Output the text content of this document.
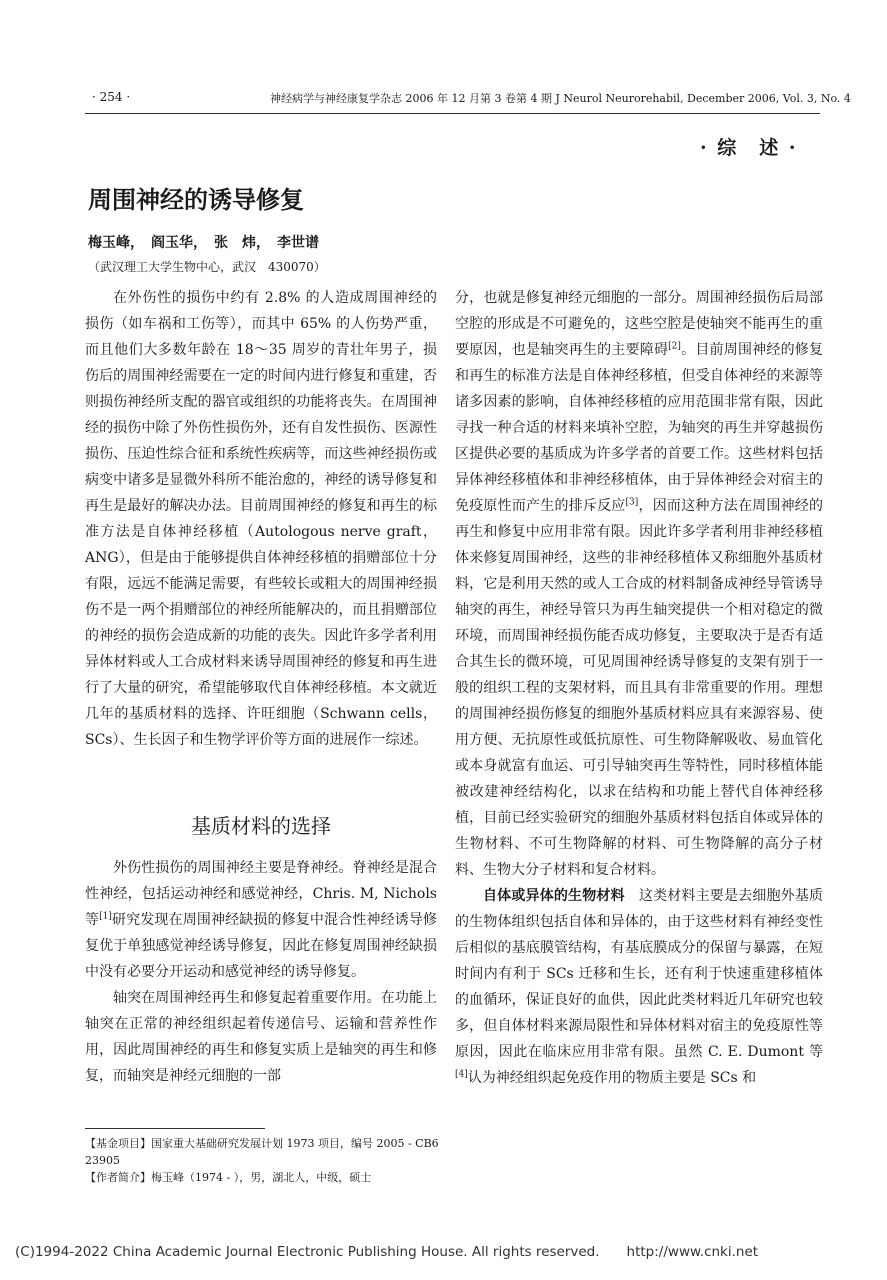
· 254 ·	神经病学与神经康复学杂志 2006 年 12 月第 3 卷第 4 期 J Neurol Neurorehabil, December 2006, Vol. 3, No. 4
· 综　述 ·
周围神经的诱导修复
梅玉峰，　阎玉华，　张　炜，　李世谱
（武汉理工大学生物中心，武汉　430070）

在外伤性的损伤中约有 2.8% 的人造成周围神经的损伤（如车祸和工伤等），而其中 65% 的人伤势严重，而且他们大多数年龄在 18～35 周岁的青壮年男子，损伤后的周围神经需要在一定的时间内进行修复和重建，否则损伤神经所支配的器官或组织的功能将丧失。在周围神经的损伤中除了外伤性损伤外，还有自发性损伤、医源性损伤、压迫性综合征和系统性疾病等，而这些神经损伤或病变中诸多是显微外科所不能治愈的，神经的诱导修复和再生是最好的解决办法。目前周围神经的修复和再生的标准方法是自体神经移植（Autologous nerve graft，ANG），但是由于能够提供自体神经移植的捐赠部位十分有限，远远不能满足需要，有些较长或粗大的周围神经损伤不是一两个捐赠部位的神经所能解决的，而且捐赠部位的神经的损伤会造成新的功能的丧失。因此许多学者利用异体材料或人工合成材料来诱导周围神经的修复和再生进行了大量的研究，希望能够取代自体神经移植。本文就近几年的基质材料的选择、许旺细胞（Schwann cells，SCs）、生长因子和生物学评价等方面的进展作一综述。

基质材料的选择

外伤性损伤的周围神经主要是脊神经。脊神经是混合性神经，包括运动神经和感觉神经，Chris. M, Nichols 等[1]研究发现在周围神经缺损的修复中混合性神经诱导修复优于单独感觉神经诱导修复，因此在修复周围神经缺损中没有必要分开运动和感觉神经的诱导修复。

轴突在周围神经再生和修复起着重要作用。在功能上轴突在正常的神经组织起着传递信号、运输和营养性作用，因此周围神经的再生和修复实质上是轴突的再生和修复，而轴突是神经元细胞的一部

【基金项目】国家重大基础研究发展计划 1973 项目，编号 2005 - CB6 23905
【作者简介】梅玉峰（1974 - ），男，湖北人，中级，硕士

分，也就是修复神经元细胞的一部分。周围神经损伤后局部空腔的形成是不可避免的，这些空腔是使轴突不能再生的重要原因，也是轴突再生的主要障碍[2]。目前周围神经的修复和再生的标准方法是自体神经移植，但受自体神经的来源等诸多因素的影响，自体神经移植的应用范围非常有限，因此寻找一种合适的材料来填补空腔，为轴突的再生并穿越损伤区提供必要的基质成为许多学者的首要工作。这些材料包括异体神经移植体和非神经移植体，由于异体神经会对宿主的免疫原性而产生的排斥反应[3]，因而这种方法在周围神经的再生和修复中应用非常有限。因此许多学者利用非神经移植体来修复周围神经，这些的非神经移植体又称细胞外基质材料，它是利用天然的或人工合成的材料制备成神经导管诱导轴突的再生，神经导管只为再生轴突提供一个相对稳定的微环境，而周围神经损伤能否成功修复，主要取决于是否有适合其生长的微环境，可见周围神经诱导修复的支架有别于一般的组织工程的支架材料，而且具有非常重要的作用。理想的周围神经损伤修复的细胞外基质材料应具有来源容易、使用方便、无抗原性或低抗原性、可生物降解吸收、易血管化或本身就富有血运、可引导轴突再生等特性，同时移植体能被改建神经结构化，以求在结构和功能上替代自体神经移植，目前已经实验研究的细胞外基质材料包括自体或异体的生物材料、不可生物降解的材料、可生物降解的高分子材料、生物大分子材料和复合材料。

自体或异体的生物材料　这类材料主要是去细胞外基质的生物体组织包括自体和异体的，由于这些材料有神经变性后相似的基底膜管结构，有基底膜成分的保留与暴露，在短时间内有利于 SCs 迁移和生长，还有利于快速重建移植体的血循环，保证良好的血供，因此此类材料近几年研究也较多，但自体材料来源局限性和异体材料对宿主的免疫原性等原因，因此在临床应用非常有限。虽然 C. E. Dumont 等[4]认为神经组织起免疫作用的物质主要是 SCs 和

(C)1994-2022 China Academic Journal Electronic Publishing House. All rights reserved.　　http://www.cnki.net
